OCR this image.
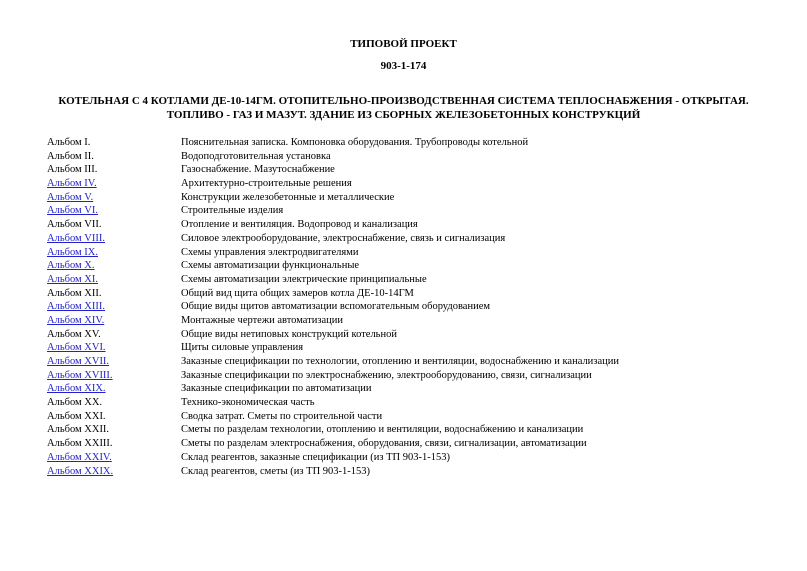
ТИПОВОЙ ПРОЕКТ

903-1-174

КОТЕЛЬНАЯ С 4 КОТЛАМИ ДЕ-10-14ГМ. ОТОПИТЕЛЬНО-ПРОИЗВОДСТВЕННАЯ СИСТЕМА ТЕПЛОСНАБЖЕНИЯ - ОТКРЫТАЯ.

ТОПЛИВО - ГАЗ И МАЗУТ. ЗДАНИЕ ИЗ СБОРНЫХ ЖЕЛЕЗОБЕТОННЫХ КОНСТРУКЦИЙ

Альбом I.	Пояснительная записка. Компоновка оборудования. Трубопроводы котельной
Альбом II.	Водоподготовительная установка
Альбом III.	Газоснабжение. Мазутоснабжение
Альбом IV.	Архитектурно-строительные решения
Альбом V.	Конструкции железобетонные и металлические
Альбом VI.	Строительные изделия
Альбом VII.	Отопление и вентиляция. Водопровод и канализация
Альбом VIII.	Силовое электрооборудование, электроснабжение, связь и сигнализация
Альбом IX.	Схемы управления электродвигателями
Альбом X.	Схемы автоматизации функциональные
Альбом XI.	Схемы автоматизации электрические принципиальные
Альбом XII.	Общий вид щита общих замеров котла ДЕ-10-14ГМ
Альбом XIII.	Общие виды щитов автоматизации вспомогательным оборудованием
Альбом XIV.	Монтажные чертежи автоматизации
Альбом XV.	Общие виды нетиповых конструкций котельной
Альбом XVI.	Щиты силовые управления
Альбом XVII.	Заказные спецификации по технологии, отоплению и вентиляции, водоснабжению и канализации
Альбом XVIII.	Заказные спецификации по электроснабжению, электрооборудованию, связи, сигнализации
Альбом XIX.	Заказные спецификации по автоматизации
Альбом XX.	Технико-экономическая часть
Альбом XXI.	Сводка затрат. Сметы по строительной части
Альбом XXII.	Сметы по разделам технологии, отоплению и вентиляции, водоснабжению и канализации
Альбом XXIII.	Сметы по разделам электроснабжения, оборудования, связи, сигнализации, автоматизации
Альбом XXIV.	Склад реагентов, заказные спецификации (из ТП 903-1-153)
Альбом XXIX.	Склад реагентов, сметы (из ТП 903-1-153)
